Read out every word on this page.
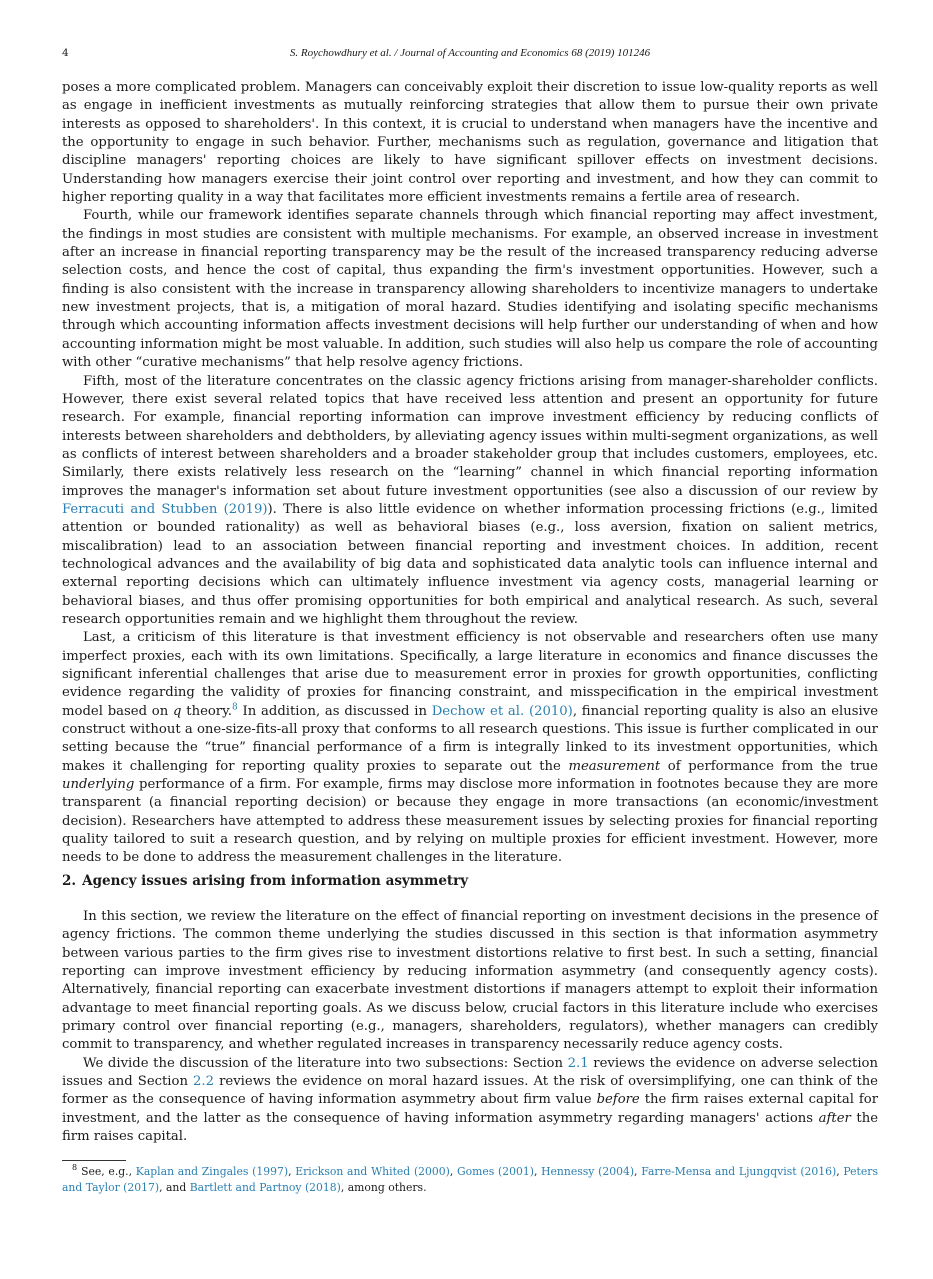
4	S. Roychowdhury et al. / Journal of Accounting and Economics 68 (2019) 101246

poses a more complicated problem. Managers can conceivably exploit their discretion to issue low-quality reports as well as engage in inefficient investments as mutually reinforcing strategies that allow them to pursue their own private interests as opposed to shareholders'. In this context, it is crucial to understand when managers have the incentive and the opportunity to engage in such behavior. Further, mechanisms such as regulation, governance and litigation that discipline managers' reporting choices are likely to have significant spillover effects on investment decisions. Understanding how managers exercise their joint control over reporting and investment, and how they can commit to higher reporting quality in a way that facilitates more efficient investments remains a fertile area of research.

Fourth, while our framework identifies separate channels through which financial reporting may affect investment, the findings in most studies are consistent with multiple mechanisms. For example, an observed increase in investment after an increase in financial reporting transparency may be the result of the increased transparency reducing adverse selection costs, and hence the cost of capital, thus expanding the firm's investment opportunities. However, such a finding is also consistent with the increase in transparency allowing shareholders to incentivize managers to undertake new investment projects, that is, a mitigation of moral hazard. Studies identifying and isolating specific mechanisms through which accounting information affects investment decisions will help further our understanding of when and how accounting information might be most valuable. In addition, such studies will also help us compare the role of accounting with other “curative mechanisms” that help resolve agency frictions.

Fifth, most of the literature concentrates on the classic agency frictions arising from manager-shareholder conflicts. However, there exist several related topics that have received less attention and present an opportunity for future research. For example, financial reporting information can improve investment efficiency by reducing conflicts of interests between shareholders and debtholders, by alleviating agency issues within multi-segment organizations, as well as conflicts of interest between shareholders and a broader stakeholder group that includes customers, employees, etc. Similarly, there exists relatively less research on the “learning” channel in which financial reporting information improves the manager's information set about future investment opportunities (see also a discussion of our review by Ferracuti and Stubben (2019)). There is also little evidence on whether information processing frictions (e.g., limited attention or bounded rationality) as well as behavioral biases (e.g., loss aversion, fixation on salient metrics, miscalibration) lead to an association between financial reporting and investment choices. In addition, recent technological advances and the availability of big data and sophisticated data analytic tools can influence internal and external reporting decisions which can ultimately influence investment via agency costs, managerial learning or behavioral biases, and thus offer promising opportunities for both empirical and analytical research. As such, several research opportunities remain and we highlight them throughout the review.

Last, a criticism of this literature is that investment efficiency is not observable and researchers often use many imperfect proxies, each with its own limitations. Specifically, a large literature in economics and finance discusses the significant inferential challenges that arise due to measurement error in proxies for growth opportunities, conflicting evidence regarding the validity of proxies for financing constraint, and misspecification in the empirical investment model based on q theory.$^8$ In addition, as discussed in Dechow et al. (2010), financial reporting quality is also an elusive construct without a one-size-fits-all proxy that conforms to all research questions. This issue is further complicated in our setting because the “true” financial performance of a firm is integrally linked to its investment opportunities, which makes it challenging for reporting quality proxies to separate out the measurement of performance from the true underlying performance of a firm. For example, firms may disclose more information in footnotes because they are more transparent (a financial reporting decision) or because they engage in more transactions (an economic/investment decision). Researchers have attempted to address these measurement issues by selecting proxies for financial reporting quality tailored to suit a research question, and by relying on multiple proxies for efficient investment. However, more needs to be done to address the measurement challenges in the literature.

2. Agency issues arising from information asymmetry

In this section, we review the literature on the effect of financial reporting on investment decisions in the presence of agency frictions. The common theme underlying the studies discussed in this section is that information asymmetry between various parties to the firm gives rise to investment distortions relative to first best. In such a setting, financial reporting can improve investment efficiency by reducing information asymmetry (and consequently agency costs). Alternatively, financial reporting can exacerbate investment distortions if managers attempt to exploit their information advantage to meet financial reporting goals. As we discuss below, crucial factors in this literature include who exercises primary control over financial reporting (e.g., managers, shareholders, regulators), whether managers can credibly commit to transparency, and whether regulated increases in transparency necessarily reduce agency costs.

We divide the discussion of the literature into two subsections: Section 2.1 reviews the evidence on adverse selection issues and Section 2.2 reviews the evidence on moral hazard issues. At the risk of oversimplifying, one can think of the former as the consequence of having information asymmetry about firm value before the firm raises external capital for investment, and the latter as the consequence of having information asymmetry regarding managers' actions after the firm raises capital.

$^8$ See, e.g., Kaplan and Zingales (1997), Erickson and Whited (2000), Gomes (2001), Hennessy (2004), Farre-Mensa and Ljungqvist (2016), Peters and Taylor (2017), and Bartlett and Partnoy (2018), among others.
